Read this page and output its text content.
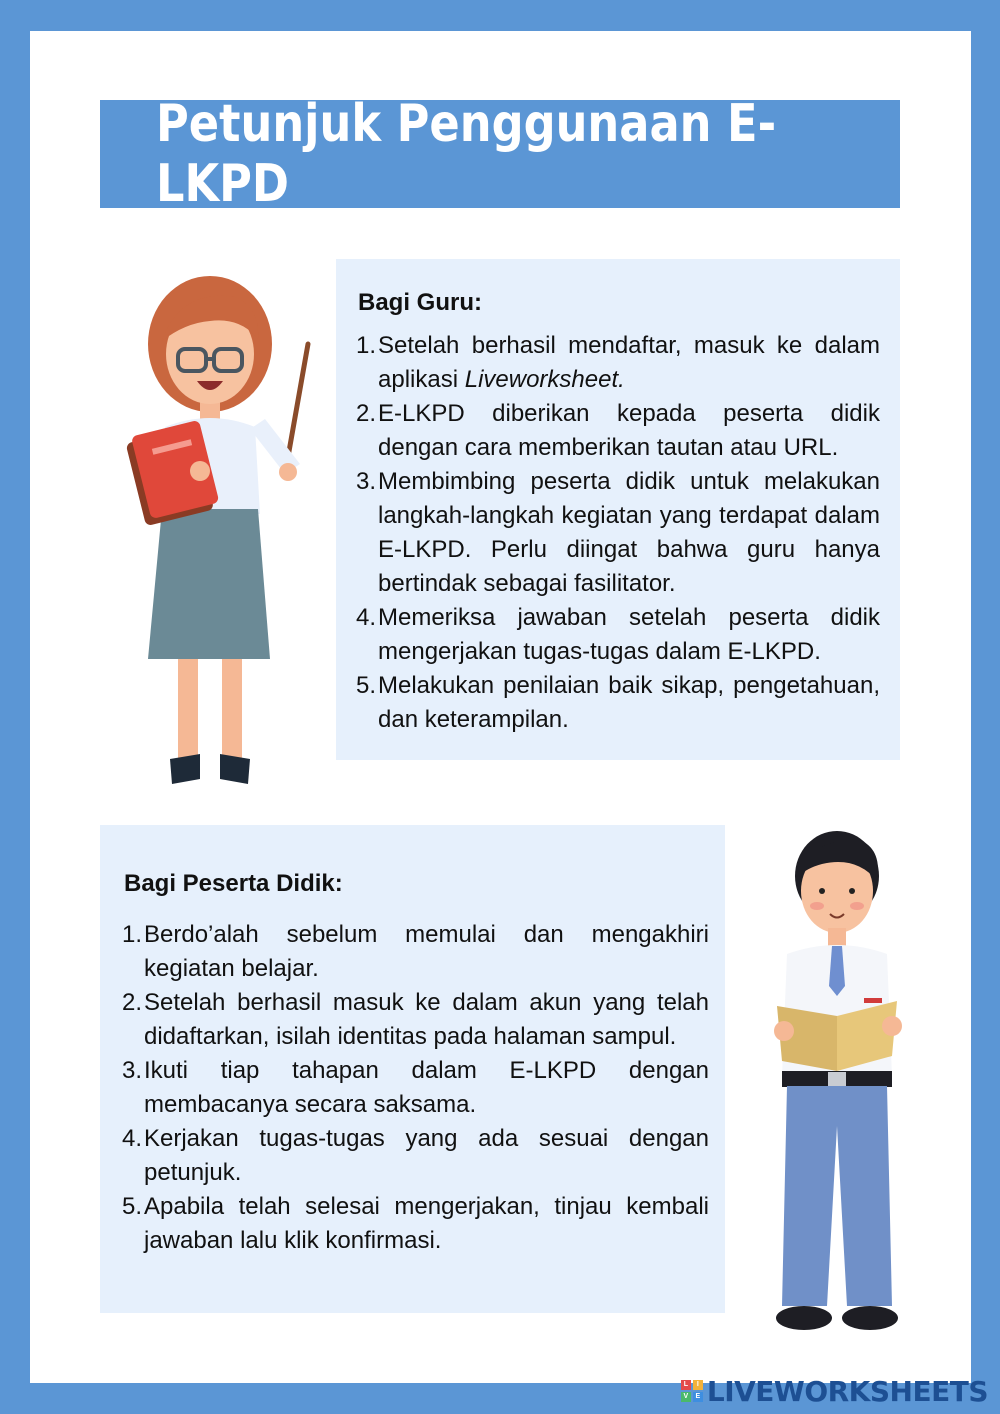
Petunjuk Penggunaan E-LKPD
Bagi Guru:
1. Setelah berhasil mendaftar, masuk ke dalam aplikasi Liveworksheet.
2. E-LKPD diberikan kepada peserta didik dengan cara memberikan tautan atau URL.
3. Membimbing peserta didik untuk melakukan langkah-langkah kegiatan yang terdapat dalam E-LKPD. Perlu diingat bahwa guru hanya bertindak sebagai fasilitator.
4. Memeriksa jawaban setelah peserta didik mengerjakan tugas-tugas dalam E-LKPD.
5. Melakukan penilaian baik sikap, pengetahuan, dan keterampilan.
Bagi Peserta Didik:
1. Berdo’alah sebelum memulai dan mengakhiri kegiatan belajar.
2. Setelah berhasil masuk ke dalam akun yang telah didaftarkan, isilah identitas pada halaman sampul.
3. Ikuti tiap tahapan dalam E-LKPD dengan membacanya secara saksama.
4. Kerjakan tugas-tugas yang ada sesuai dengan petunjuk.
5. Apabila telah selesai mengerjakan, tinjau kembali jawaban lalu klik konfirmasi.
L	I
V	E LIVEWORKSHEETS
